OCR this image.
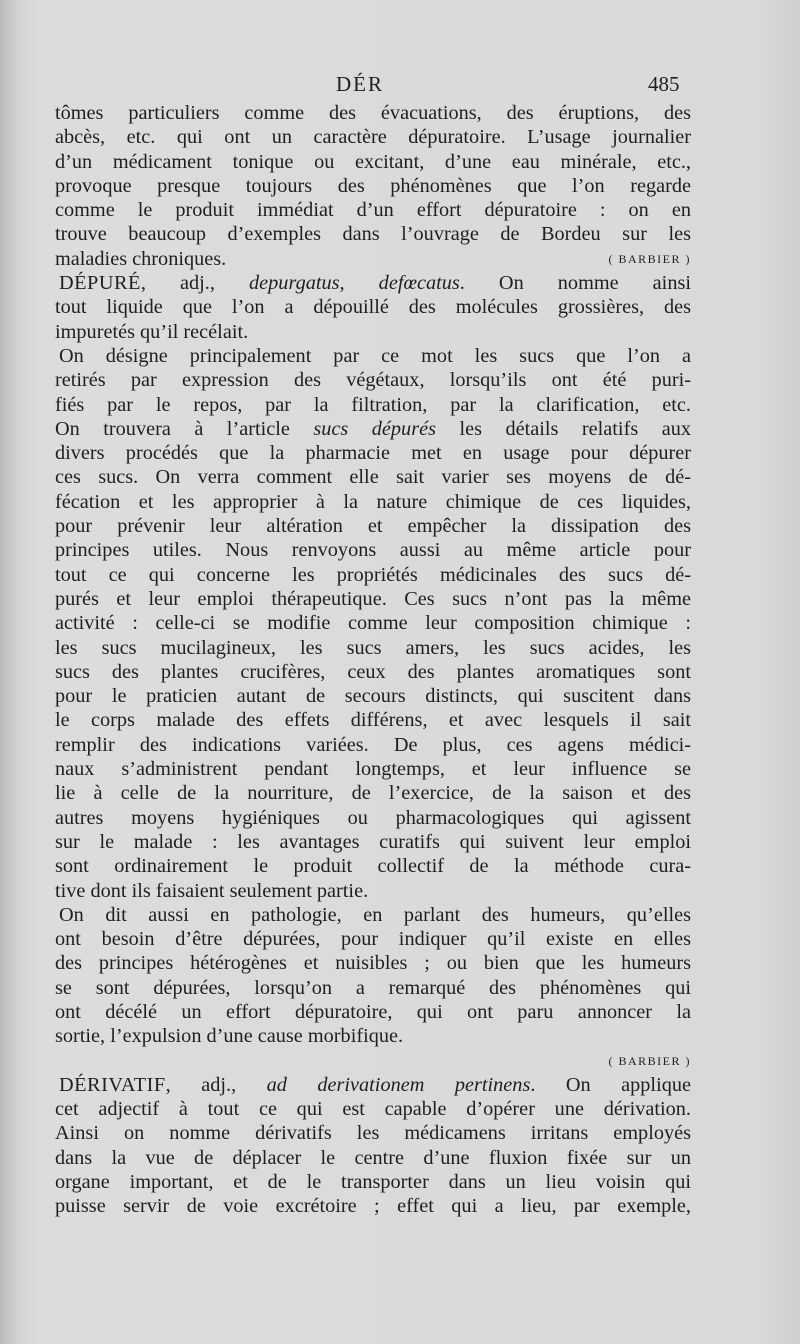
DÉR	485
tômes particuliers comme des évacuations, des éruptions, des
abcès, etc. qui ont un caractère dépuratoire. L’usage journalier
d’un médicament tonique ou excitant, d’une eau minérale, etc.,
provoque presque toujours des phénomènes que l’on regarde
comme le produit immédiat d’un effort dépuratoire : on en
trouve beaucoup d’exemples dans l’ouvrage de Bordeu sur les
maladies chroniques.	( BARBIER )
DÉPURÉ, adj., depurgatus, defœcatus. On nomme ainsi
tout liquide que l’on a dépouillé des molécules grossières, des
impuretés qu’il recélait.
On désigne principalement par ce mot les sucs que l’on a
retirés par expression des végétaux, lorsqu’ils ont été puri-
fiés par le repos, par la filtration, par la clarification, etc.
On trouvera à l’article sucs dépurés les détails relatifs aux
divers procédés que la pharmacie met en usage pour dépurer
ces sucs. On verra comment elle sait varier ses moyens de dé-
fécation et les approprier à la nature chimique de ces liquides,
pour prévenir leur altération et empêcher la dissipation des
principes utiles. Nous renvoyons aussi au même article pour
tout ce qui concerne les propriétés médicinales des sucs dé-
purés et leur emploi thérapeutique. Ces sucs n’ont pas la même
activité : celle-ci se modifie comme leur composition chimique :
les sucs mucilagineux, les sucs amers, les sucs acides, les
sucs des plantes crucifères, ceux des plantes aromatiques sont
pour le praticien autant de secours distincts, qui suscitent dans
le corps malade des effets différens, et avec lesquels il sait
remplir des indications variées. De plus, ces agens médici-
naux s’administrent pendant longtemps, et leur influence se
lie à celle de la nourriture, de l’exercice, de la saison et des
autres moyens hygiéniques ou pharmacologiques qui agissent
sur le malade : les avantages curatifs qui suivent leur emploi
sont ordinairement le produit collectif de la méthode cura-
tive dont ils faisaient seulement partie.
On dit aussi en pathologie, en parlant des humeurs, qu’elles
ont besoin d’être dépurées, pour indiquer qu’il existe en elles
des principes hétérogènes et nuisibles ; ou bien que les humeurs
se sont dépurées, lorsqu’on a remarqué des phénomènes qui
ont décélé un effort dépuratoire, qui ont paru annoncer la
sortie, l’expulsion d’une cause morbifique.
( BARBIER )
DÉRIVATIF, adj., ad derivationem pertinens. On applique
cet adjectif à tout ce qui est capable d’opérer une dérivation.
Ainsi on nomme dérivatifs les médicamens irritans employés
dans la vue de déplacer le centre d’une fluxion fixée sur un
organe important, et de le transporter dans un lieu voisin qui
puisse servir de voie excrétoire ; effet qui a lieu, par exemple,
